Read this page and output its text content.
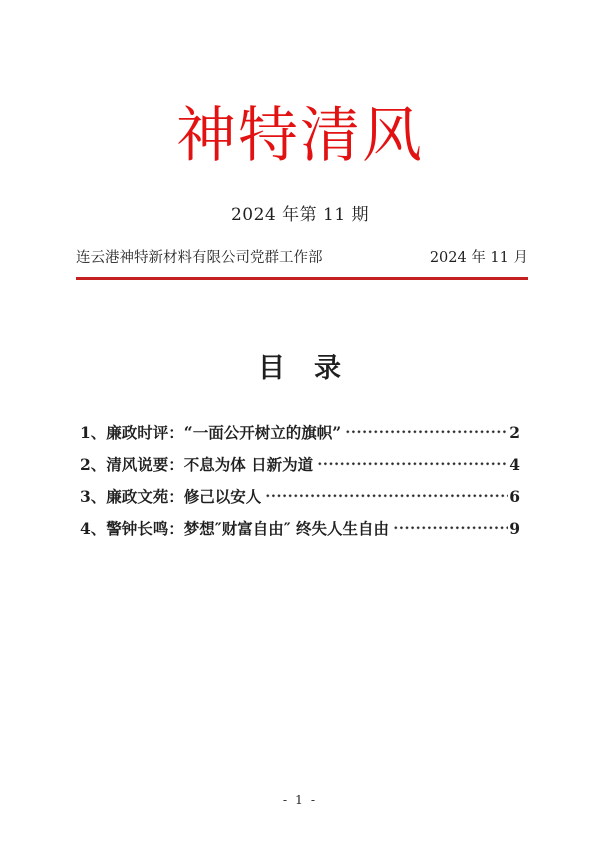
神特清风
2024 年第 11 期
连云港神特新材料有限公司党群工作部	2024 年 11 月
目　录
1、廉政时评：“一面公开树立的旗帜”	2
2、清风说要：不息为体 日新为道	4
3、廉政文苑：修己以安人	6
4、警钟长鸣：梦想″财富自由″ 终失人生自由	9
- 1 -
